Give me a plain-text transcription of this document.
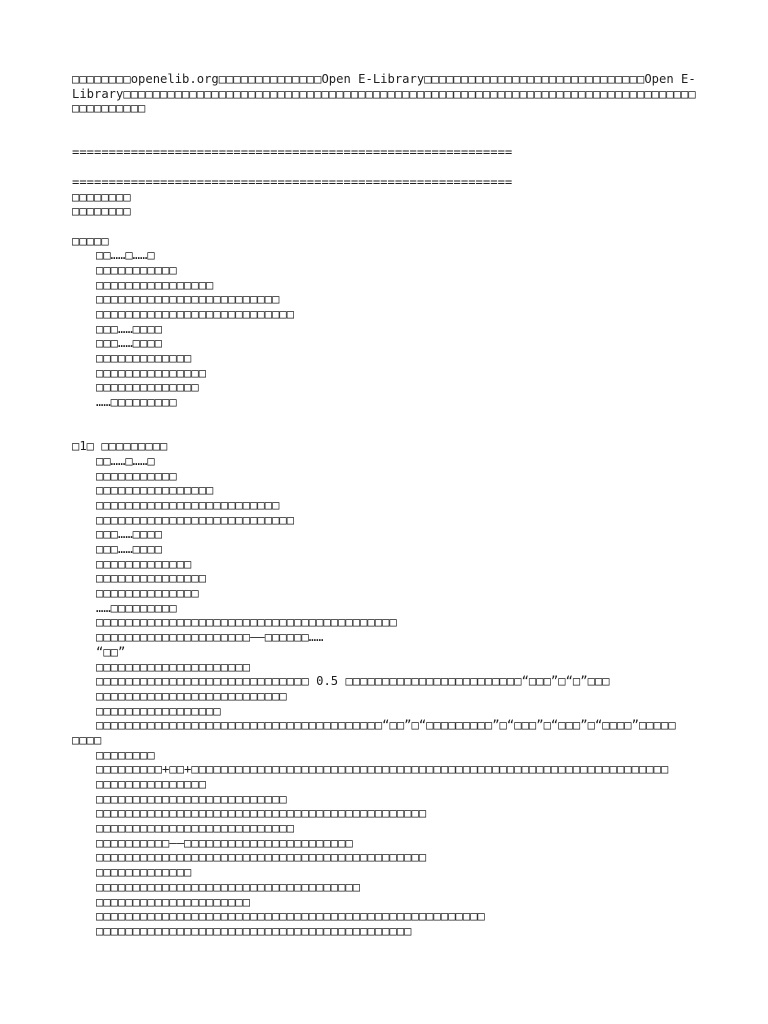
□□□□□□□□openelib.org□□□□□□□□□□□□□□Open E-Library□□□□□□□□□□□□□□□□□□□□□□□□□□□□□□Open E-Library□□□□□□□□□□□□□□□□□□□□□□□□□□□□□□□□□□□□□□□□□□□□□□□□□□□□□□□□□□□□□□□□□□□□□□□□□□□□□□□□□□□□□□□□
============================================================
============================================================
□□□□□□□□
□□□□□□□□
□□□□□
□□……□……□
□□□□□□□□□□□
□□□□□□□□□□□□□□□□
□□□□□□□□□□□□□□□□□□□□□□□□□
□□□□□□□□□□□□□□□□□□□□□□□□□□□
□□□……□□□□
□□□……□□□□
□□□□□□□□□□□□□
□□□□□□□□□□□□□□□
□□□□□□□□□□□□□□
……□□□□□□□□□
□1□ □□□□□□□□□
□□……□……□
□□□□□□□□□□□
□□□□□□□□□□□□□□□□
□□□□□□□□□□□□□□□□□□□□□□□□□
□□□□□□□□□□□□□□□□□□□□□□□□□□□
□□□……□□□□
□□□……□□□□
□□□□□□□□□□□□□
□□□□□□□□□□□□□□□
□□□□□□□□□□□□□□
……□□□□□□□□□
□□□□□□□□□□□□□□□□□□□□□□□□□□□□□□□□□□□□□□□□□
□□□□□□□□□□□□□□□□□□□□□——□□□□□□……
“□□”
□□□□□□□□□□□□□□□□□□□□□
□□□□□□□□□□□□□□□□□□□□□□□□□□□□□ 0.5 □□□□□□□□□□□□□□□□□□□□□□□□“□□□”□“□”□□□
□□□□□□□□□□□□□□□□□□□□□□□□□□
□□□□□□□□□□□□□□□□□
□□□□□□□□□□□□□□□□□□□□□□□□□□□□□□□□□□□□□□□“□□”□“□□□□□□□□□”□“□□□”□“□□□”□“□□□□”□□□□□
□□□□
□□□□□□□□
□□□□□□□□□+□□+□□□□□□□□□□□□□□□□□□□□□□□□□□□□□□□□□□□□□□□□□□□□□□□□□□□□□□□□□□□□□□□□□
□□□□□□□□□□□□□□□
□□□□□□□□□□□□□□□□□□□□□□□□□□
□□□□□□□□□□□□□□□□□□□□□□□□□□□□□□□□□□□□□□□□□□□□□
□□□□□□□□□□□□□□□□□□□□□□□□□□□
□□□□□□□□□□——□□□□□□□□□□□□□□□□□□□□□□□
□□□□□□□□□□□□□□□□□□□□□□□□□□□□□□□□□□□□□□□□□□□□□
□□□□□□□□□□□□□
□□□□□□□□□□□□□□□□□□□□□□□□□□□□□□□□□□□□
□□□□□□□□□□□□□□□□□□□□□
□□□□□□□□□□□□□□□□□□□□□□□□□□□□□□□□□□□□□□□□□□□□□□□□□□□□□
□□□□□□□□□□□□□□□□□□□□□□□□□□□□□□□□□□□□□□□□□□□
